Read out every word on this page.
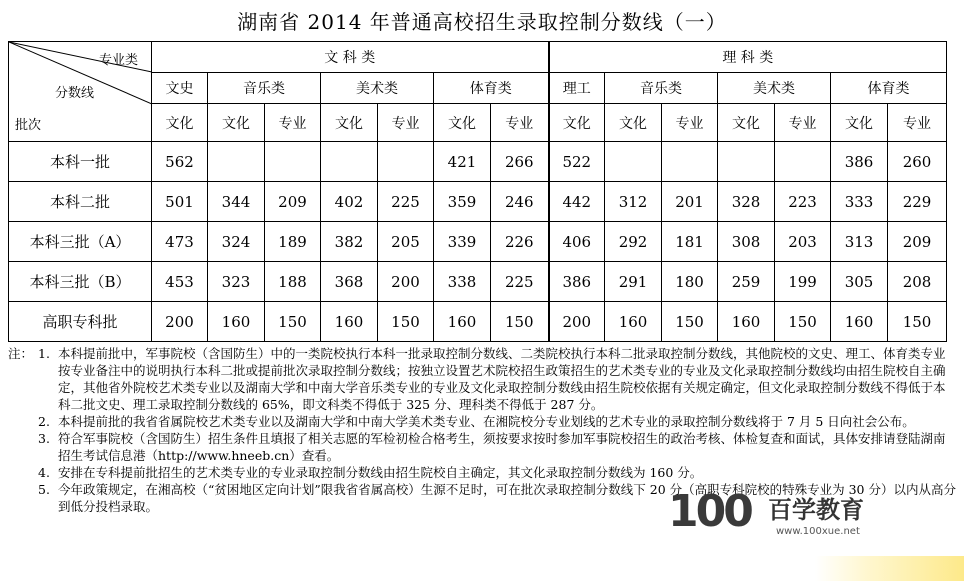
湖南省 2014 年普通高校招生录取控制分数线（一）
专业类
分数线
批次	文 科 类							理 科 类						
	文史	音乐类		美术类		体育类		理工	音乐类		美术类		体育类	
	文化	文化	专业	文化	专业	文化	专业	文化	文化	专业	文化	专业	文化	专业
本科一批	562					421	266	522					386	260
本科二批	501	344	209	402	225	359	246	442	312	201	328	223	333	229
本科三批（A）	473	324	189	382	205	339	226	406	292	181	308	203	313	209
本科三批（B）	453	323	188	368	200	338	225	386	291	180	259	199	305	208
高职专科批	200	160	150	160	150	160	150	200	160	150	160	150	160	150
注： 1. 本科提前批中，军事院校（含国防生）中的一类院校执行本科一批录取控制分数线、二类院校执行本科二批录取控制分数线，其他院校的文史、理工、体育类专业按专业备注中的说明执行本科二批或提前批次录取控制分数线；按独立设置艺术院校招生政策招生的艺术类专业的专业及文化录取控制分数线均由招生院校自主确定，其他省外院校艺术类专业以及湖南大学和中南大学音乐类专业的专业及文化录取控制分数线由招生院校依据有关规定确定，但文化录取控制分数线不得低于本科二批文史、理工录取控制分数线的 65%，即文科类不得低于 325 分、理科类不得低于 287 分。
2. 本科提前批的我省省属院校艺术类专业以及湖南大学和中南大学美术类专业、在湘院校分专业划线的艺术专业的录取控制分数线将于 7 月 5 日向社会公布。
3. 符合军事院校（含国防生）招生条件且填报了相关志愿的军检初检合格考生，须按要求按时参加军事院校招生的政治考核、体检复查和面试，具体安排请登陆湖南招生考试信息港（http://www.hneeb.cn）查看。
4. 安排在专科提前批招生的艺术类专业的专业录取控制分数线由招生院校自主确定，其文化录取控制分数线为 160 分。
5. 今年政策规定，在湘高校（“贫困地区定向计划”限我省省属高校）生源不足时，可在批次录取控制分数线下 20 分（高职专科院校的特殊专业为 30 分）以内从高分到低分投档录取。	100 百学教育
www.100xue.net
